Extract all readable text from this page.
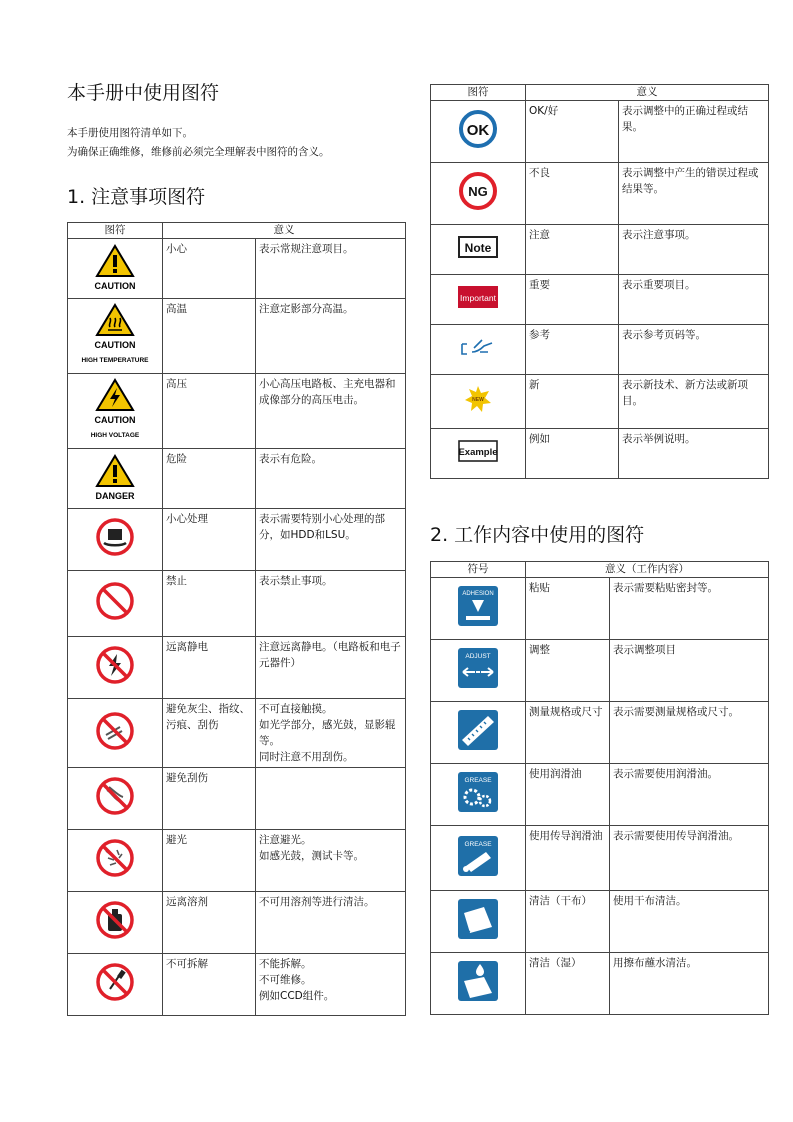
本手册中使用图符
本手册使用图符清单如下。
为确保正确维修，维修前必须完全理解表中图符的含义。
1. 注意事项图符
图符	意义	

CAUTION	小心	表示常规注意项目。

CAUTION
HIGH TEMPERATURE	高温	注意定影部分高温。

CAUTION
HIGH VOLTAGE	高压	小心高压电路板、主充电器和成像部分的高压电击。

DANGER	危险	表示有危险。

	小心处理	表示需要特别小心处理的部分，如HDD和LSU。

	禁止	表示禁止事项。

	远离静电	注意远离静电。（电路板和电子元器件）

	避免灰尘、指纹、污痕、刮伤	不可直接触摸。
如光学部分，感光鼓，显影辊等。
同时注意不用刮伤。

	避免刮伤	

	避光	注意避光。
如感光鼓，测试卡等。

	远离溶剂	不可用溶剂等进行清洁。

	不可拆解	不能拆解。
不可维修。
例如CCD组件。
图符	意义	

OK	OK/好	表示调整中的正确过程或结果。

NG	不良	表示调整中产生的错误过程或结果等。

Note	注意	表示注意事项。

Important	重要	表示重要项目。

	参考	表示参考页码等。

NEW	新	表示新技术、新方法或新项目。

Example	例如	表示举例说明。
2. 工作内容中使用的图符
符号	意义（工作内容）	

ADHESION	粘贴	表示需要粘贴密封等。

ADJUST	调整	表示调整项目

	测量规格或尺寸	表示需要测量规格或尺寸。

GREASE	使用润滑油	表示需要使用润滑油。

GREASE	使用传导润滑油	表示需要使用传导润滑油。

	清洁（干布）	使用干布清洁。

	清洁（湿）	用擦布蘸水清洁。
